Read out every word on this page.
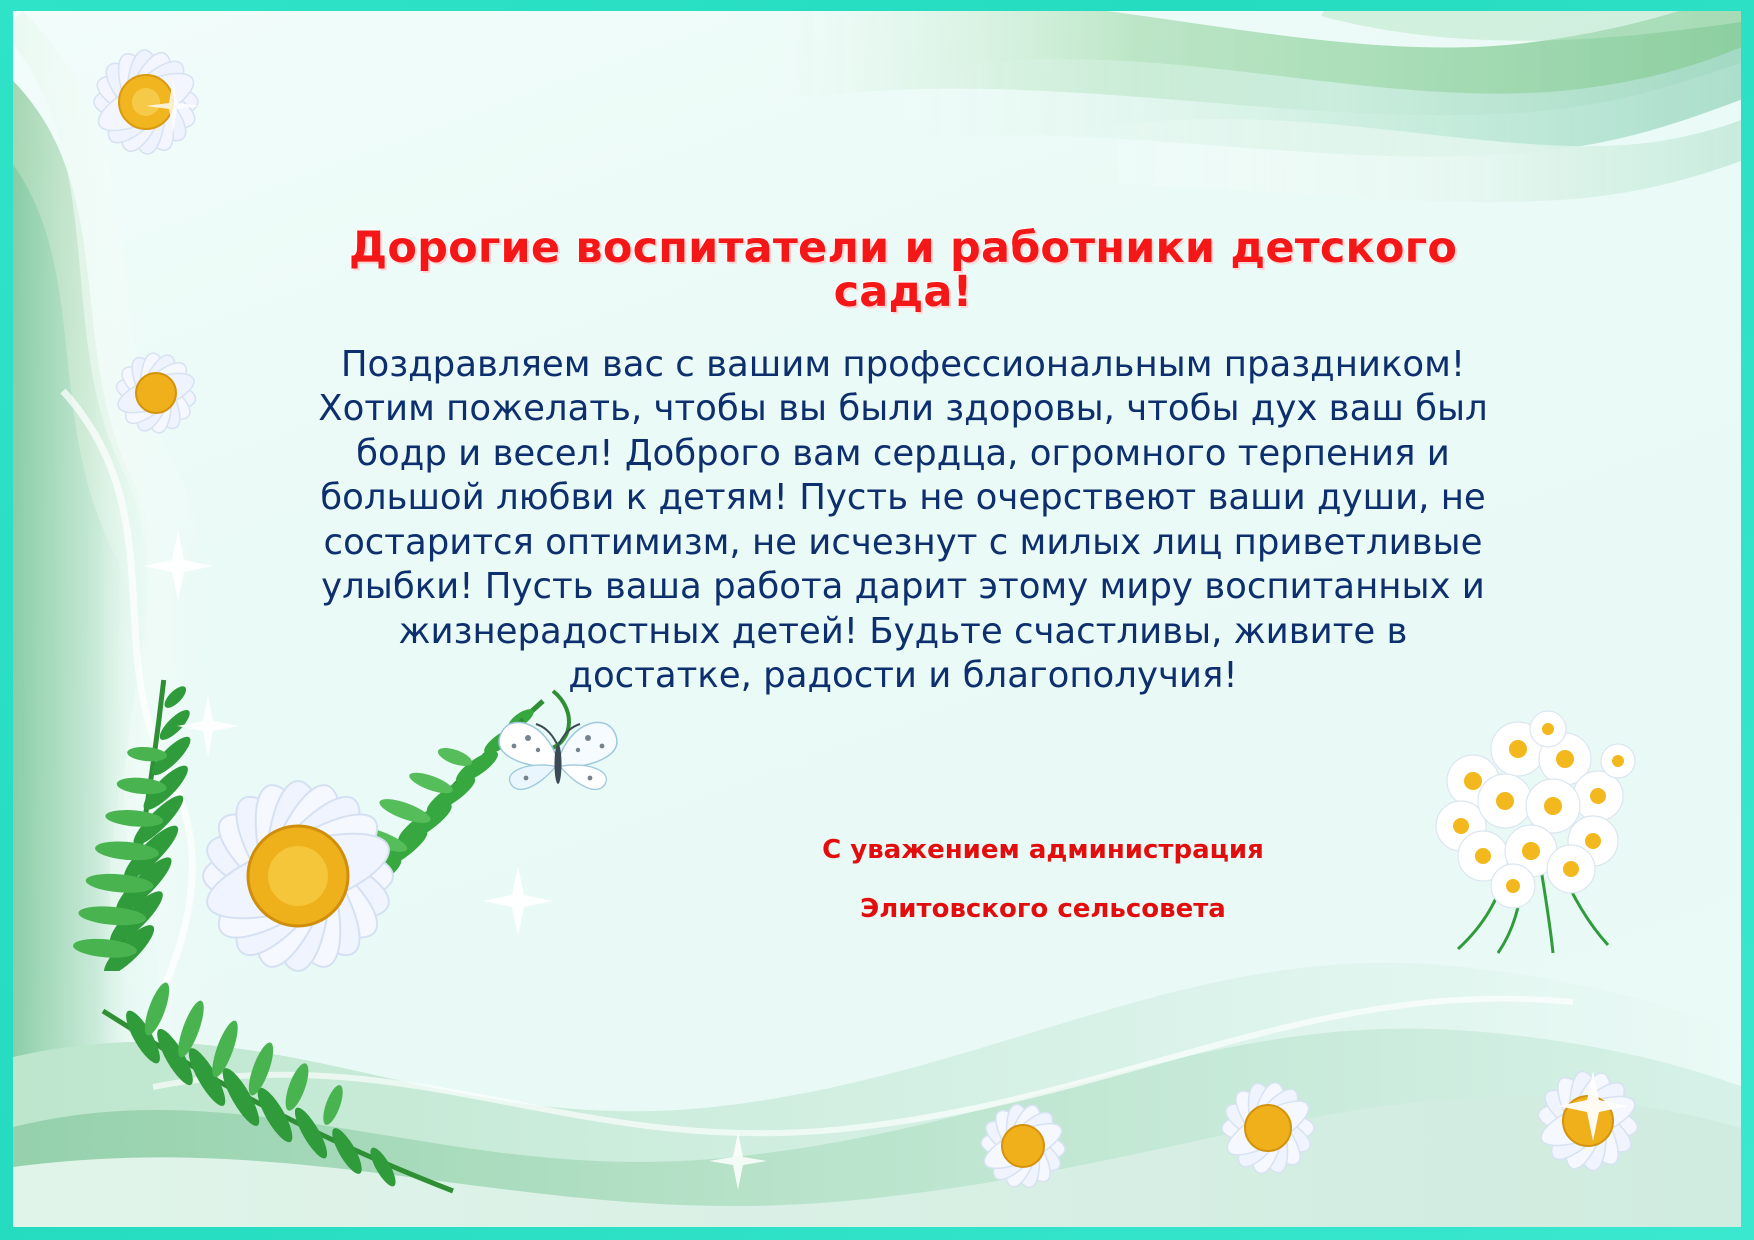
Дорогие воспитатели и работники детского сада!

Поздравляем вас с вашим профессиональным праздником!
Хотим пожелать, чтобы вы были здоровы, чтобы дух ваш был бодр и весел! Доброго вам сердца, огромного терпения и большой любви к детям! Пусть не очерствеют ваши души, не состарится оптимизм, не исчезнут с милых лиц приветливые улыбки! Пусть ваша работа дарит этому миру воспитанных и жизнерадостных детей! Будьте счастливы, живите в достатке, радости и благополучия!

С уважением администрация
Элитовского сельсовета
